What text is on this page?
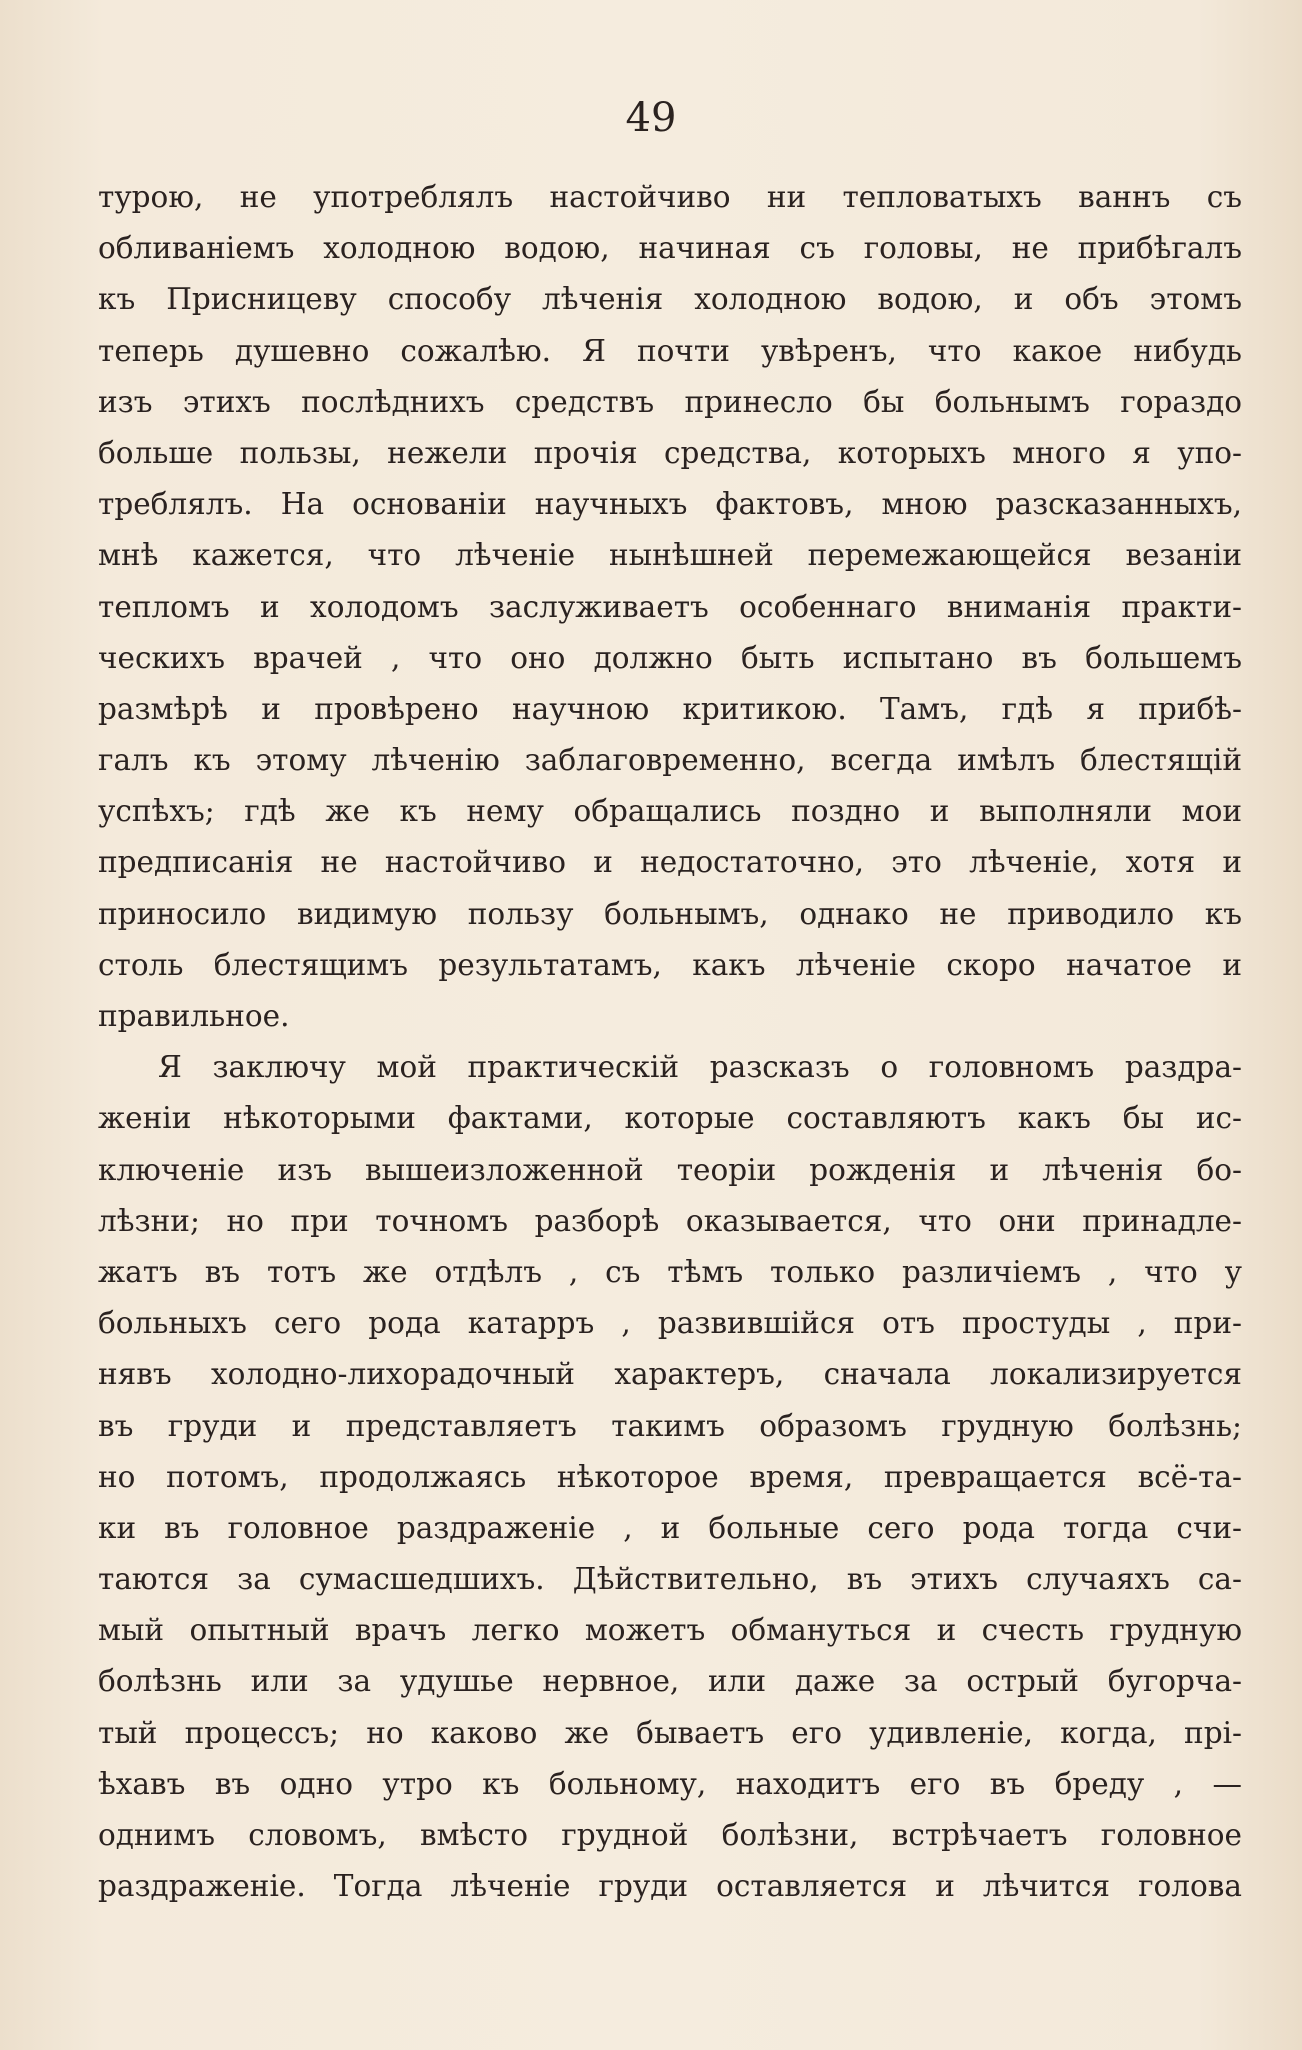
49
турою, не употреблялъ настойчиво ни тепловатыхъ ваннъ съ
обливанiемъ холодною водою, начиная съ головы, не прибѣгалъ
къ Присницеву способу лѣченiя холодною водою, и объ этомъ
теперь душевно сожалѣю. Я почти увѣренъ, что какое нибудь
изъ этихъ послѣднихъ средствъ принесло бы больнымъ гораздо
больше пользы, нежели прочiя средства, которыхъ много я упо-
треблялъ. На основанiи научныхъ фактовъ, мною разсказанныхъ,
мнѣ кажется, что лѣченiе нынѣшней перемежающейся везанiи
тепломъ и холодомъ заслуживаетъ особеннаго вниманiя практи-
ческихъ врачей , что оно должно быть испытано въ большемъ
размѣрѣ и провѣрено научною критикою. Тамъ, гдѣ я прибѣ-
галъ къ этому лѣченiю заблаговременно, всегда имѣлъ блестящiй
успѣхъ; гдѣ же къ нему обращались поздно и выполняли мои
предписанiя не настойчиво и недостаточно, это лѣченiе, хотя и
приносило видимую пользу больнымъ, однако не приводило къ
столь блестящимъ результатамъ, какъ лѣченiе скоро начатое и
правильное.
Я заключу мой практическiй разсказъ о головномъ раздра-
женiи нѣкоторыми фактами, которые составляютъ какъ бы ис-
ключенiе изъ вышеизложенной теорiи рожденiя и лѣченiя бо-
лѣзни; но при точномъ разборѣ оказывается, что они принадле-
жатъ въ тотъ же отдѣлъ , съ тѣмъ только различiемъ , что у
больныхъ сего рода катарръ , развившiйся отъ простуды , при-
нявъ холодно-лихорадочный характеръ, сначала локализируется
въ груди и представляетъ такимъ образомъ грудную болѣзнь;
но потомъ, продолжаясь нѣкоторое время, превращается всё-та-
ки въ головное раздраженiе , и больные сего рода тогда счи-
таются за сумасшедшихъ. Дѣйствительно, въ этихъ случаяхъ са-
мый опытный врачъ легко можетъ обмануться и счесть грудную
болѣзнь или за удушье нервное, или даже за острый бугорча-
тый процессъ; но каково же бываетъ его удивленiе, когда, прi-
ѣхавъ въ одно утро къ больному, находитъ его въ бреду , —
однимъ словомъ, вмѣсто грудной болѣзни, встрѣчаетъ головное
раздраженiе. Тогда лѣченiе груди оставляется и лѣчится голова
